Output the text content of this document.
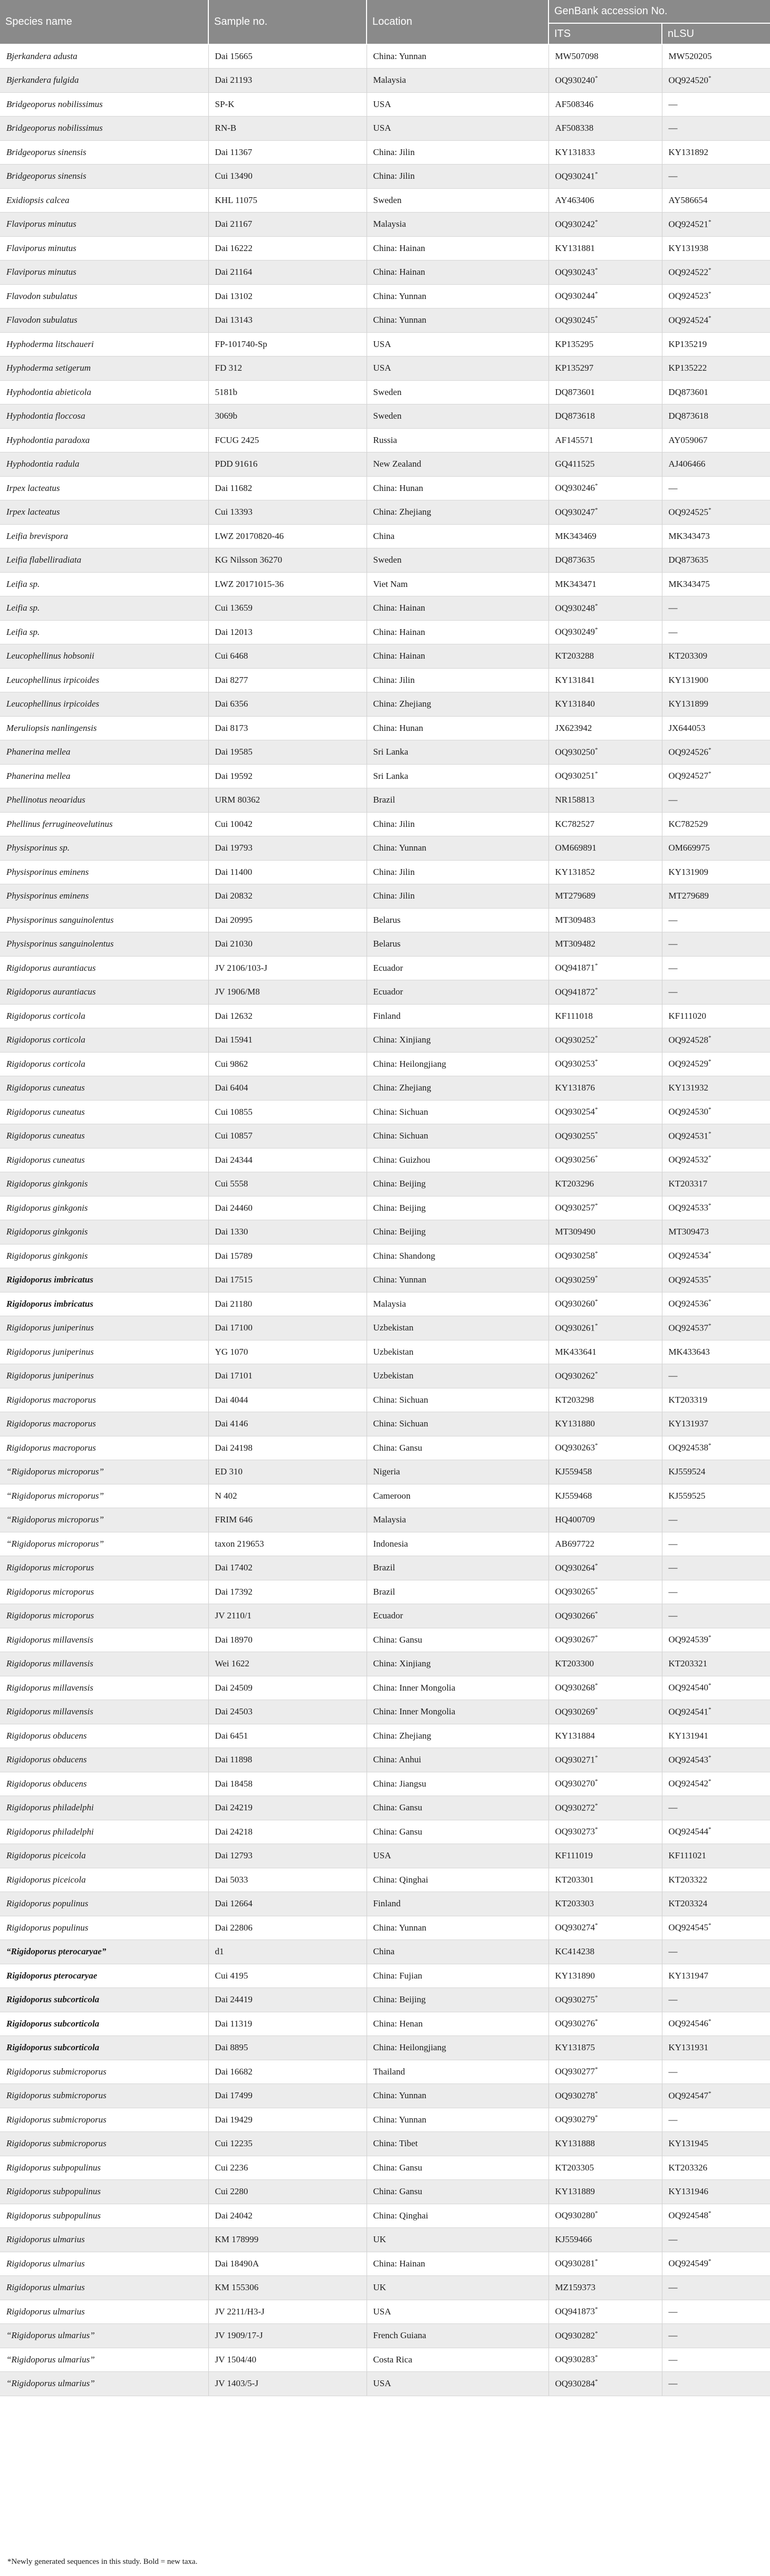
Species name	Sample no.	Location	GenBank accession No.	
			ITS	nLSU
Bjerkandera adusta	Dai 15665	China: Yunnan	MW507098	MW520205
Bjerkandera fulgida	Dai 21193	Malaysia	OQ930240*	OQ924520*
Bridgeoporus nobilissimus	SP-K	USA	AF508346	—
Bridgeoporus nobilissimus	RN-B	USA	AF508338	—
Bridgeoporus sinensis	Dai 11367	China: Jilin	KY131833	KY131892
Bridgeoporus sinensis	Cui 13490	China: Jilin	OQ930241*	—
Exidiopsis calcea	KHL 11075	Sweden	AY463406	AY586654
Flaviporus minutus	Dai 21167	Malaysia	OQ930242*	OQ924521*
Flaviporus minutus	Dai 16222	China: Hainan	KY131881	KY131938
Flaviporus minutus	Dai 21164	China: Hainan	OQ930243*	OQ924522*
Flavodon subulatus	Dai 13102	China: Yunnan	OQ930244*	OQ924523*
Flavodon subulatus	Dai 13143	China: Yunnan	OQ930245*	OQ924524*
Hyphoderma litschaueri	FP-101740-Sp	USA	KP135295	KP135219
Hyphoderma setigerum	FD 312	USA	KP135297	KP135222
Hyphodontia abieticola	5181b	Sweden	DQ873601	DQ873601
Hyphodontia floccosa	3069b	Sweden	DQ873618	DQ873618
Hyphodontia paradoxa	FCUG 2425	Russia	AF145571	AY059067
Hyphodontia radula	PDD 91616	New Zealand	GQ411525	AJ406466
Irpex lacteatus	Dai 11682	China: Hunan	OQ930246*	—
Irpex lacteatus	Cui 13393	China: Zhejiang	OQ930247*	OQ924525*
Leifia brevispora	LWZ 20170820-46	China	MK343469	MK343473
Leifia flabelliradiata	KG Nilsson 36270	Sweden	DQ873635	DQ873635
Leifia sp.	LWZ 20171015-36	Viet Nam	MK343471	MK343475
Leifia sp.	Cui 13659	China: Hainan	OQ930248*	—
Leifia sp.	Dai 12013	China: Hainan	OQ930249*	—
Leucophellinus hobsonii	Cui 6468	China: Hainan	KT203288	KT203309
Leucophellinus irpicoides	Dai 8277	China: Jilin	KY131841	KY131900
Leucophellinus irpicoides	Dai 6356	China: Zhejiang	KY131840	KY131899
Meruliopsis nanlingensis	Dai 8173	China: Hunan	JX623942	JX644053
Phanerina mellea	Dai 19585	Sri Lanka	OQ930250*	OQ924526*
Phanerina mellea	Dai 19592	Sri Lanka	OQ930251*	OQ924527*
Phellinotus neoaridus	URM 80362	Brazil	NR158813	—
Phellinus ferrugineovelutinus	Cui 10042	China: Jilin	KC782527	KC782529
Physisporinus sp.	Dai 19793	China: Yunnan	OM669891	OM669975
Physisporinus eminens	Dai 11400	China: Jilin	KY131852	KY131909
Physisporinus eminens	Dai 20832	China: Jilin	MT279689	MT279689
Physisporinus sanguinolentus	Dai 20995	Belarus	MT309483	—
Physisporinus sanguinolentus	Dai 21030	Belarus	MT309482	—
Rigidoporus aurantiacus	JV 2106/103-J	Ecuador	OQ941871*	—
Rigidoporus aurantiacus	JV 1906/M8	Ecuador	OQ941872*	—
Rigidoporus corticola	Dai 12632	Finland	KF111018	KF111020
Rigidoporus corticola	Dai 15941	China: Xinjiang	OQ930252*	OQ924528*
Rigidoporus corticola	Cui 9862	China: Heilongjiang	OQ930253*	OQ924529*
Rigidoporus cuneatus	Dai 6404	China: Zhejiang	KY131876	KY131932
Rigidoporus cuneatus	Cui 10855	China: Sichuan	OQ930254*	OQ924530*
Rigidoporus cuneatus	Cui 10857	China: Sichuan	OQ930255*	OQ924531*
Rigidoporus cuneatus	Dai 24344	China: Guizhou	OQ930256*	OQ924532*
Rigidoporus ginkgonis	Cui 5558	China: Beijing	KT203296	KT203317
Rigidoporus ginkgonis	Dai 24460	China: Beijing	OQ930257*	OQ924533*
Rigidoporus ginkgonis	Dai 1330	China: Beijing	MT309490	MT309473
Rigidoporus ginkgonis	Dai 15789	China: Shandong	OQ930258*	OQ924534*
Rigidoporus imbricatus	Dai 17515	China: Yunnan	OQ930259*	OQ924535*
Rigidoporus imbricatus	Dai 21180	Malaysia	OQ930260*	OQ924536*
Rigidoporus juniperinus	Dai 17100	Uzbekistan	OQ930261*	OQ924537*
Rigidoporus juniperinus	YG 1070	Uzbekistan	MK433641	MK433643
Rigidoporus juniperinus	Dai 17101	Uzbekistan	OQ930262*	—
Rigidoporus macroporus	Dai 4044	China: Sichuan	KT203298	KT203319
Rigidoporus macroporus	Dai 4146	China: Sichuan	KY131880	KY131937
Rigidoporus macroporus	Dai 24198	China: Gansu	OQ930263*	OQ924538*
“Rigidoporus microporus”	ED 310	Nigeria	KJ559458	KJ559524
“Rigidoporus microporus”	N 402	Cameroon	KJ559468	KJ559525
“Rigidoporus microporus”	FRIM 646	Malaysia	HQ400709	—
“Rigidoporus microporus”	taxon 219653	Indonesia	AB697722	—
Rigidoporus microporus	Dai 17402	Brazil	OQ930264*	—
Rigidoporus microporus	Dai 17392	Brazil	OQ930265*	—
Rigidoporus microporus	JV 2110/1	Ecuador	OQ930266*	—
Rigidoporus millavensis	Dai 18970	China: Gansu	OQ930267*	OQ924539*
Rigidoporus millavensis	Wei 1622	China: Xinjiang	KT203300	KT203321
Rigidoporus millavensis	Dai 24509	China: Inner Mongolia	OQ930268*	OQ924540*
Rigidoporus millavensis	Dai 24503	China: Inner Mongolia	OQ930269*	OQ924541*
Rigidoporus obducens	Dai 6451	China: Zhejiang	KY131884	KY131941
Rigidoporus obducens	Dai 11898	China: Anhui	OQ930271*	OQ924543*
Rigidoporus obducens	Dai 18458	China: Jiangsu	OQ930270*	OQ924542*
Rigidoporus philadelphi	Dai 24219	China: Gansu	OQ930272*	—
Rigidoporus philadelphi	Dai 24218	China: Gansu	OQ930273*	OQ924544*
Rigidoporus piceicola	Dai 12793	USA	KF111019	KF111021
Rigidoporus piceicola	Dai 5033	China: Qinghai	KT203301	KT203322
Rigidoporus populinus	Dai 12664	Finland	KT203303	KT203324
Rigidoporus populinus	Dai 22806	China: Yunnan	OQ930274*	OQ924545*
“Rigidoporus pterocaryae”	d1	China	KC414238	—
Rigidoporus pterocaryae	Cui 4195	China: Fujian	KY131890	KY131947
Rigidoporus subcorticola	Dai 24419	China: Beijing	OQ930275*	—
Rigidoporus subcorticola	Dai 11319	China: Henan	OQ930276*	OQ924546*
Rigidoporus subcorticola	Dai 8895	China: Heilongjiang	KY131875	KY131931
Rigidoporus submicroporus	Dai 16682	Thailand	OQ930277*	—
Rigidoporus submicroporus	Dai 17499	China: Yunnan	OQ930278*	OQ924547*
Rigidoporus submicroporus	Dai 19429	China: Yunnan	OQ930279*	—
Rigidoporus submicroporus	Cui 12235	China: Tibet	KY131888	KY131945
Rigidoporus subpopulinus	Cui 2236	China: Gansu	KT203305	KT203326
Rigidoporus subpopulinus	Cui 2280	China: Gansu	KY131889	KY131946
Rigidoporus subpopulinus	Dai 24042	China: Qinghai	OQ930280*	OQ924548*
Rigidoporus ulmarius	KM 178999	UK	KJ559466	—
Rigidoporus ulmarius	Dai 18490A	China: Hainan	OQ930281*	OQ924549*
Rigidoporus ulmarius	KM 155306	UK	MZ159373	—
Rigidoporus ulmarius	JV 2211/H3-J	USA	OQ941873*	—
“Rigidoporus ulmarius”	JV 1909/17-J	French Guiana	OQ930282*	—
“Rigidoporus ulmarius”	JV 1504/40	Costa Rica	OQ930283*	—
“Rigidoporus ulmarius”	JV 1403/5-J	USA	OQ930284*	—
*Newly generated sequences in this study. Bold = new taxa.
